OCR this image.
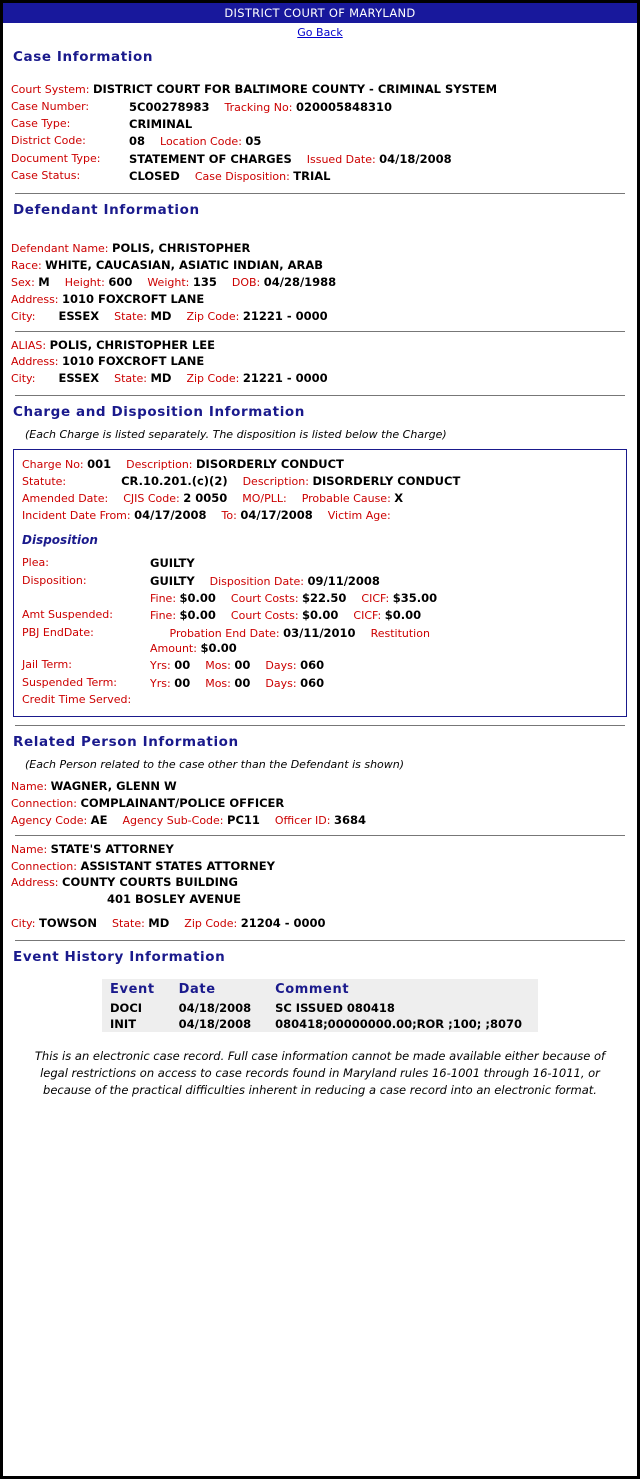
DISTRICT COURT OF MARYLAND
Go Back
Case Information
Court System: DISTRICT COURT FOR BALTIMORE COUNTY - CRIMINAL SYSTEM
Case Number:	5C00278983 Tracking No: 020005848310
Case Type:	CRIMINAL
District Code:	08 Location Code: 05
Document Type:	STATEMENT OF CHARGES Issued Date: 04/18/2008
Case Status:	CLOSED Case Disposition: TRIAL
Defendant Information
Defendant Name: POLIS, CHRISTOPHER
Race: WHITE, CAUCASIAN, ASIATIC INDIAN, ARAB
Sex: M Height: 600 Weight: 135 DOB: 04/28/1988
Address: 1010 FOXCROFT LANE
City: ESSEX State: MD Zip Code: 21221 - 0000
ALIAS: POLIS, CHRISTOPHER LEE
Address: 1010 FOXCROFT LANE
City: ESSEX State: MD Zip Code: 21221 - 0000
Charge and Disposition Information
(Each Charge is listed separately. The disposition is listed below the Charge)
Charge No: 001 Description: DISORDERLY CONDUCT
Statute:	CR.10.201.(c)(2) Description: DISORDERLY CONDUCT
Amended Date: CJIS Code: 2 0050 MO/PLL: Probable Cause: X
Incident Date From: 04/17/2008 To: 04/17/2008 Victim Age:
Disposition
Plea:	GUILTY
Disposition:	GUILTY Disposition Date: 09/11/2008
	Fine: $0.00 Court Costs: $22.50 CICF: $35.00
Amt Suspended:	Fine: $0.00 Court Costs: $0.00 CICF: $0.00
PBJ EndDate:	Probation End Date: 03/11/2010 Restitution
Amount: $0.00
Jail Term:	Yrs: 00 Mos: 00 Days: 060
Suspended Term:	Yrs: 00 Mos: 00 Days: 060
Credit Time Served:	
Related Person Information
(Each Person related to the case other than the Defendant is shown)
Name: WAGNER, GLENN W
Connection: COMPLAINANT/POLICE OFFICER
Agency Code: AE Agency Sub-Code: PC11 Officer ID: 3684
Name: STATE'S ATTORNEY
Connection: ASSISTANT STATES ATTORNEY
Address: COUNTY COURTS BUILDING
401 BOSLEY AVENUE
City: TOWSON State: MD Zip Code: 21204 - 0000
Event History Information
Event	Date	Comment
DOCI	04/18/2008	SC ISSUED 080418
INIT	04/18/2008	080418;00000000.00;ROR ;100; ;8070
This is an electronic case record. Full case information cannot be made available either because of legal restrictions on access to case records found in Maryland rules 16-1001 through 16-1011, or because of the practical difficulties inherent in reducing a case record into an electronic format.
